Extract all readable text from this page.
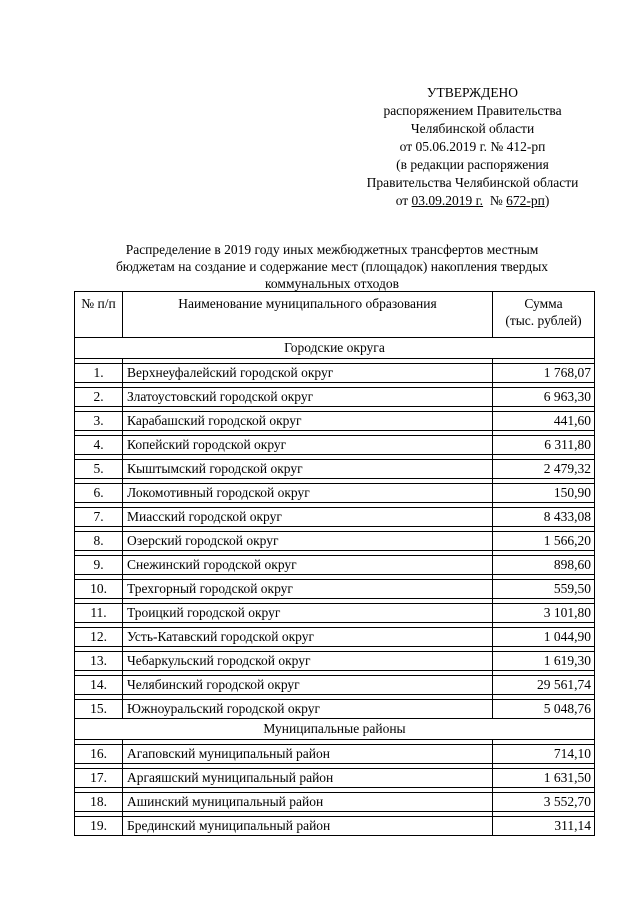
УТВЕРЖДЕНО
распоряжением Правительства
Челябинской области
от 05.06.2019 г. № 412-рп
(в редакции распоряжения
Правительства Челябинской области
от 03.09.2019 г.  № 672-рп)
Распределение в 2019 году иных межбюджетных трансфертов местным
бюджетам на создание и содержание мест (площадок) накопления твердых
коммунальных отходов
№ п/п	Наименование муниципального образования	Сумма
(тыс. рублей)

Городские округа		

1.	Верхнеуфалейский городской округ	1 768,07

2.	Златоустовский городской округ	6 963,30

3.	Карабашский городской округ	441,60

4.	Копейский городской округ	6 311,80

5.	Кыштымский городской округ	2 479,32

6.	Локомотивный городской округ	150,90

7.	Миасский городской округ	8 433,08

8.	Озерский городской округ	1 566,20

9.	Снежинский городской округ	898,60

10.	Трехгорный городской округ	559,50

11.	Троицкий городской округ	3 101,80

12.	Усть-Катавский городской округ	1 044,90

13.	Чебаркульский городской округ	1 619,30

14.	Челябинский городской округ	29 561,74

15.	Южноуральский городской округ	5 048,76
Муниципальные районы		

16.	Агаповский муниципальный район	714,10

17.	Аргаяшский муниципальный район	1 631,50

18.	Ашинский муниципальный район	3 552,70

19.	Брединский муниципальный район	311,14
